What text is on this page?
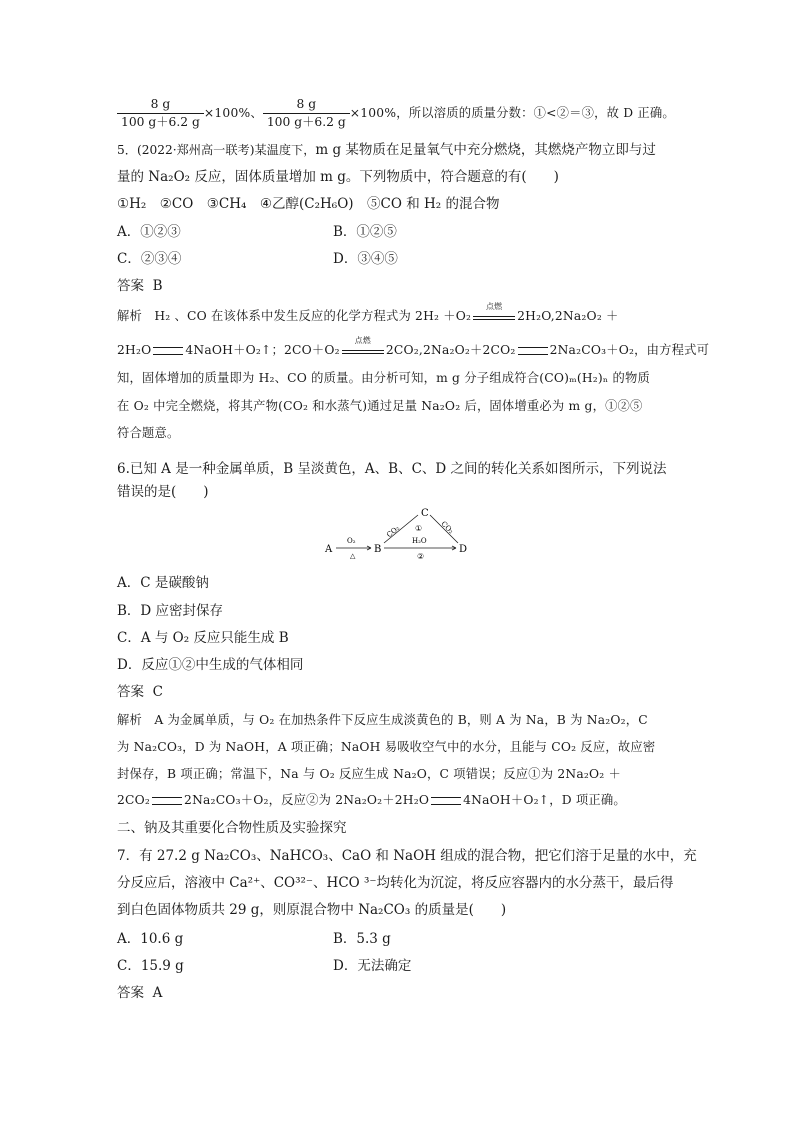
$\frac{8 g}{100 g+6.2 g} \times 100\%$、 $\frac{8 g}{100 g+6.2 g} \times 100\%$，所以溶质的质量分数：①<②＝③，故 D 正确。
5．(2022·郑州高一联考)某温度下，m g 某物质在足量氧气中充分燃烧，其燃烧产物立即与过
量的 Na₂O₂ 反应，固体质量增加 m g。下列物质中，符合题意的有(　　)
①H₂　②CO　③CH₄　④乙醇(C₂H₆O)　⑤CO 和 H₂ 的混合物
A．①②③	B．①②⑤
C．②③④	D．③④⑤
答案 B
解析 H₂ 、CO 在该体系中发生反应的化学方程式为 2H₂ ＋O₂
点燃
2H₂O,2Na₂O₂ ＋
2H₂O	4NaOH＋O₂↑；2CO＋O₂
点燃
2CO₂,2Na₂O₂＋2CO₂	2Na₂CO₃＋O₂，由方程式可
知，固体增加的质量即为 H₂、CO 的质量。由分析可知，m g 分子组成符合(CO)ₘ(H₂)ₙ 的物质
在 O₂ 中完全燃烧，将其产物(CO₂ 和水蒸气)通过足量 Na₂O₂ 后，固体增重必为 m g，①②⑤
符合题意。
6.已知 A 是一种金属单质，B 呈淡黄色，A、B、C、D 之间的转化关系如图所示，下列说法
错误的是(　　)
A
O₂
△
B
C
CO₂	CO₂
①
H₂O
②
D
A．C 是碳酸钠
B．D 应密封保存
C．A 与 O₂ 反应只能生成 B
D．反应①②中生成的气体相同
答案 C
解析 A 为金属单质，与 O₂ 在加热条件下反应生成淡黄色的 B，则 A 为 Na，B 为 Na₂O₂，C
为 Na₂CO₃，D 为 NaOH，A 项正确；NaOH 易吸收空气中的水分，且能与 CO₂ 反应，故应密
封保存，B 项正确；常温下，Na 与 O₂ 反应生成 Na₂O，C 项错误；反应①为 2Na₂O₂ ＋
2CO₂	2Na₂CO₃＋O₂，反应②为 2Na₂O₂＋2H₂O	4NaOH＋O₂↑，D 项正确。
二、钠及其重要化合物性质及实验探究
7．有 27.2 g Na₂CO₃、NaHCO₃、CaO 和 NaOH 组成的混合物，把它们溶于足量的水中，充
分反应后，溶液中 Ca²⁺、CO³²⁻、HCO ³⁻均转化为沉淀，将反应容器内的水分蒸干，最后得
到白色固体物质共 29 g，则原混合物中 Na₂CO₃ 的质量是(　　)
A．10.6 g	B．5.3 g
C．15.9 g	D．无法确定
答案 A
